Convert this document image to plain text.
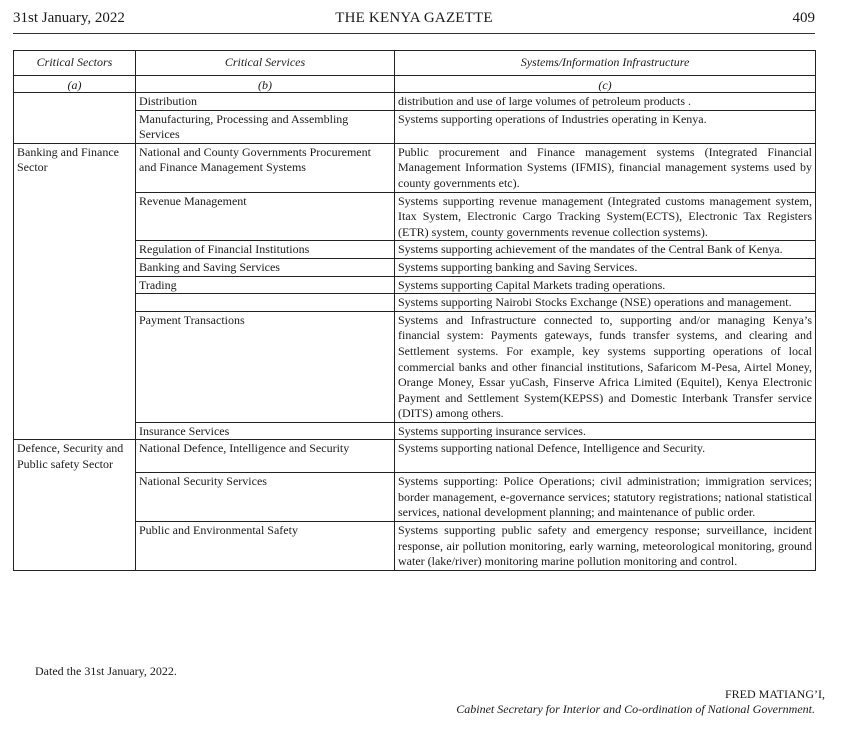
THE KENYA GAZETTE
31st January, 2022	409
Critical Sectors	Critical Services	Systems/Information Infrastructure
(a)	(b)	(c)
	Distribution	distribution and use of large volumes of petroleum products .
	Manufacturing, Processing and Assembling Services	Systems supporting operations of Industries operating in Kenya.
Banking and Finance Sector	National and County Governments Procurement and Finance Management Systems	Public procurement and Finance management systems (Integrated Financial Management Information Systems (IFMIS), financial management systems used by county governments etc).
	Revenue Management	Systems supporting revenue management (Integrated customs management system, Itax System, Electronic Cargo Tracking System(ECTS), Electronic Tax Registers (ETR) system, county governments revenue collection systems).
	Regulation of Financial Institutions	Systems supporting achievement of the mandates of the Central Bank of Kenya.
	Banking and Saving Services	Systems supporting banking and Saving Services.
	Trading	Systems supporting Capital Markets trading operations.
		Systems supporting Nairobi Stocks Exchange (NSE) operations and management.
	Payment Transactions	Systems and Infrastructure connected to, supporting and/or managing Kenya’s financial system: Payments gateways, funds transfer systems, and clearing and Settlement systems. For example, key systems supporting operations of local commercial banks and other financial institutions, Safaricom M-Pesa, Airtel Money, Orange Money, Essar yuCash, Finserve Africa Limited (Equitel), Kenya Electronic Payment and Settlement System(KEPSS) and Domestic Interbank Transfer service (DITS) among others.
	Insurance Services	Systems supporting insurance services.
Defence, Security and Public safety Sector	National Defence, Intelligence and Security	Systems supporting national Defence, Intelligence and Security.
	National Security Services	Systems supporting: Police Operations; civil administration; immigration services; border management, e-governance services; statutory registrations; national statistical services, national development planning; and maintenance of public order.
	Public and Environmental Safety	Systems supporting public safety and emergency response; surveillance, incident response, air pollution monitoring, early warning, meteorological monitoring, ground water (lake/river) monitoring marine pollution monitoring and control.
Dated the 31st January, 2022.
FRED MATIANG’I,
Cabinet Secretary for Interior and Co-ordination of National Government.
